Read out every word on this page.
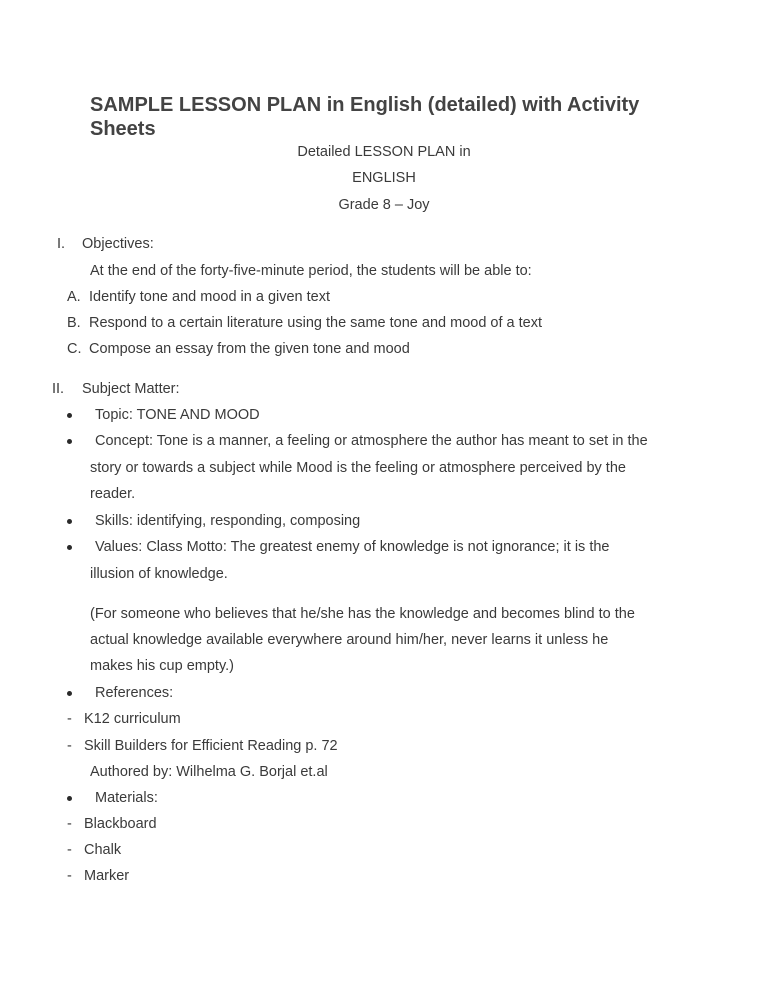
SAMPLE LESSON PLAN in English (detailed) with Activity Sheets
Detailed LESSON PLAN in
ENGLISH
Grade 8 – Joy
I. Objectives:
At the end of the forty-five-minute period, the students will be able to:
A. Identify tone and mood in a given text
B. Respond to a certain literature using the same tone and mood of a text
C. Compose an essay from the given tone and mood
II. Subject Matter:
Topic: TONE AND MOOD
Concept: Tone is a manner, a feeling or atmosphere the author has meant to set in the
story or towards a subject while Mood is the feeling or atmosphere perceived by the
reader.
Skills: identifying, responding, composing
Values: Class Motto: The greatest enemy of knowledge is not ignorance; it is the
illusion of knowledge.
(For someone who believes that he/she has the knowledge and becomes blind to the
actual knowledge available everywhere around him/her, never learns it unless he
makes his cup empty.)
References:
- K12 curriculum
- Skill Builders for Efficient Reading p. 72
Authored by: Wilhelma G. Borjal et.al
Materials:
- Blackboard
- Chalk
- Marker
